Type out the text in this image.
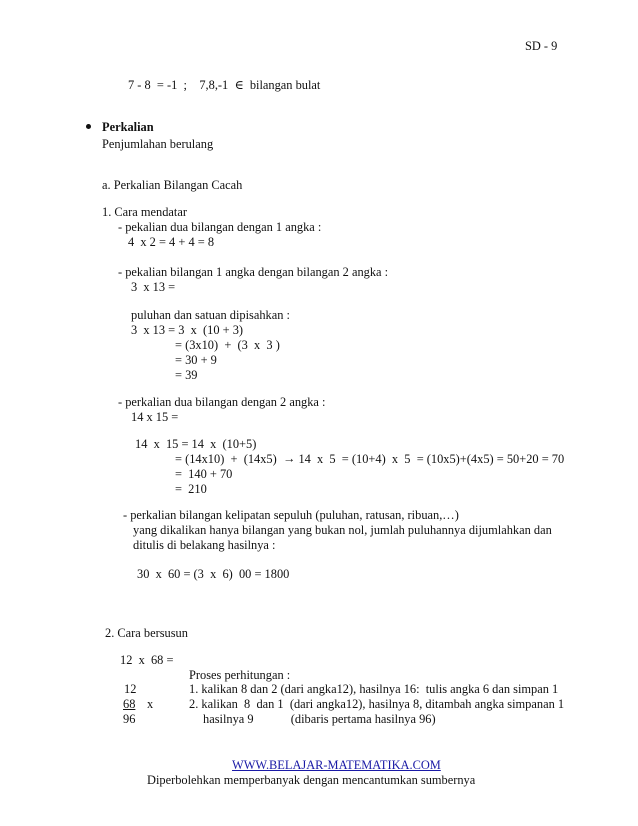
SD - 9
7 - 8  = -1  ;    7,8,-1  ∈  bilangan bulat
Perkalian
Penjumlahan berulang
a. Perkalian Bilangan Cacah
1. Cara mendatar
- pekalian dua bilangan dengan 1 angka :
4  x 2 = 4 + 4 = 8
- pekalian bilangan 1 angka dengan bilangan 2 angka :
3  x 13 =
puluhan dan satuan dipisahkan :
3  x 13 = 3  x  (10 + 3)
= (3x10)  +  (3  x  3 )
= 30 + 9
= 39
- perkalian dua bilangan dengan 2 angka :
14 x 15 =
14  x  15 = 14  x  (10+5)
= (14x10)  +  (14x5) → 14  x  5  = (10+4)  x  5  = (10x5)+(4x5) = 50+20 = 70
=  140 + 70
=  210
- perkalian bilangan kelipatan sepuluh (puluhan, ratusan, ribuan,…)
yang dikalikan hanya bilangan yang bukan nol, jumlah puluhannya dijumlahkan dan
ditulis di belakang hasilnya :
30  x  60 = (3  x  6)  00 = 1800
2. Cara bersusun
12  x  68 =
Proses perhitungan :
12
68 x
96
1. kalikan 8 dan 2 (dari angka12), hasilnya 16:  tulis angka 6 dan simpan 1
2. kalikan  8  dan 1  (dari angka12), hasilnya 8, ditambah angka simpanan 1
hasilnya 9            (dibaris pertama hasilnya 96)
WWW.BELAJAR-MATEMATIKA.COM
Diperbolehkan memperbanyak dengan mencantumkan sumbernya
